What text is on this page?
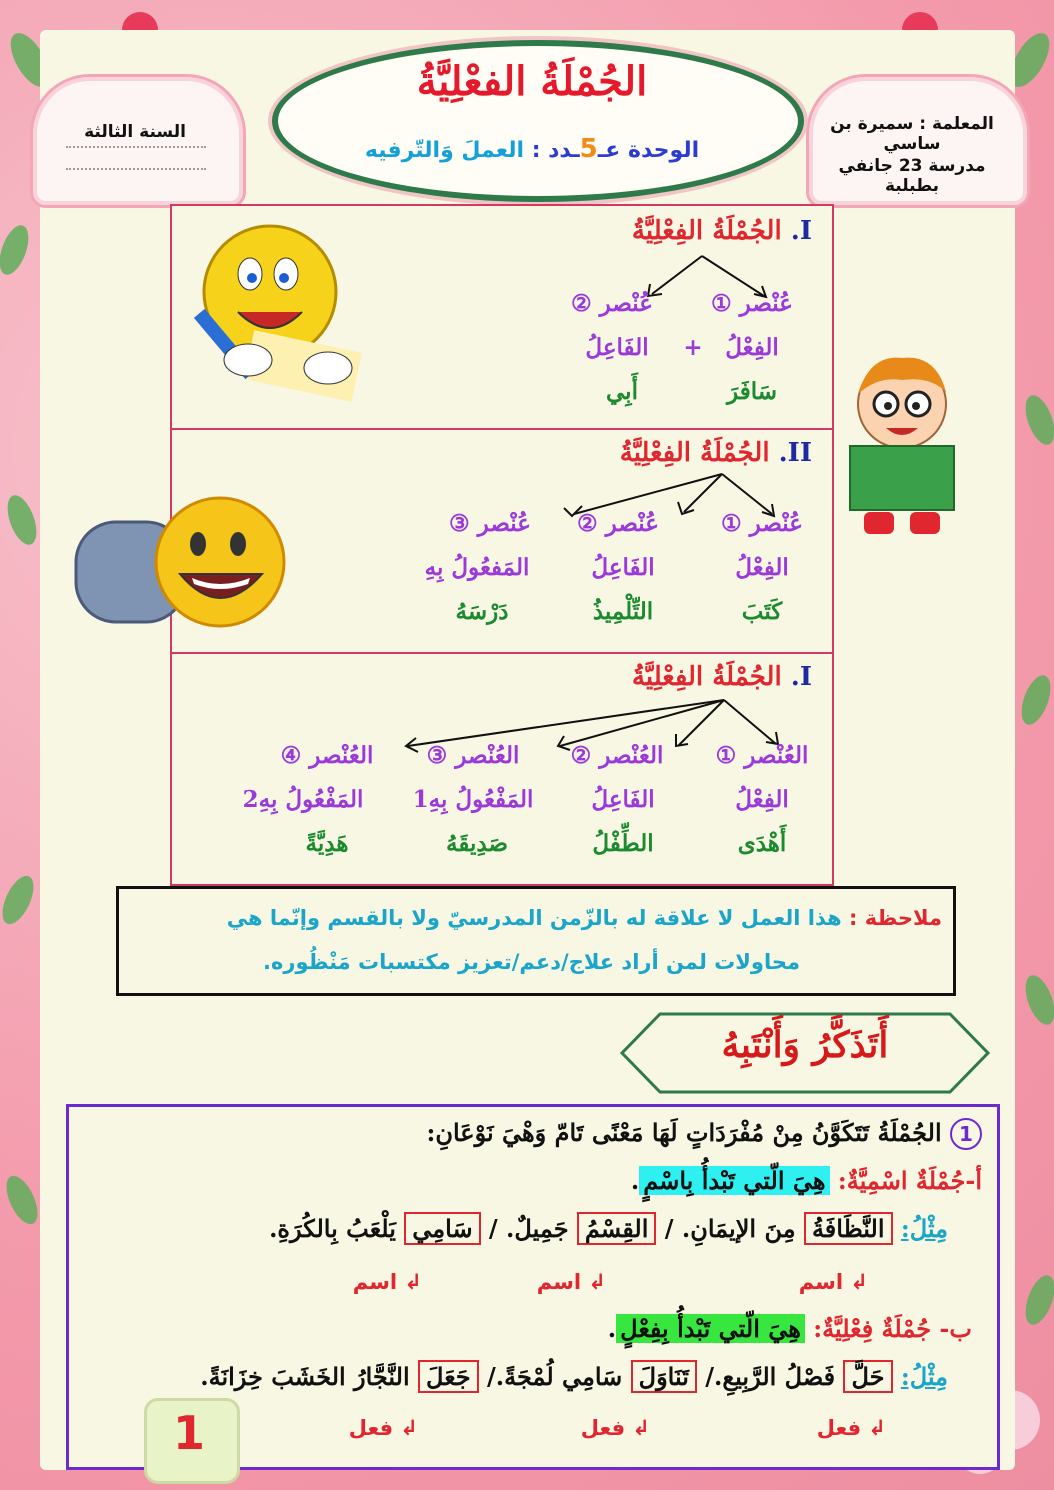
السنة الثالثة	المعلمة : سميرة بن ساسي
مدرسة 23 جانفي بطبلبة
الجُمْلَةُ الفعْلِيَّةُ
الوحدة عـ5ـدد : العملَ وَالتّرفيه
I. الجُمْلَةُ الفِعْلِيَّةُ
عُنْصر ①
عُنْصر ②
الفِعْلُ
+
الفَاعِلُ
سَافَرَ
أَبِي
II. الجُمْلَةُ الفِعْلِيَّةُ
عُنْصر ①
عُنْصر ②
عُنْصر ③
الفِعْلُ
الفَاعِلُ
المَفعُولُ بِهِ
كَتَبَ
التِّلْمِيذُ
دَرْسَهُ
I. الجُمْلَةُ الفِعْلِيَّةُ
العُنْصر ①
العُنْصر ②
العُنْصر ③
العُنْصر ④
الفِعْلُ
الفَاعِلُ
المَفْعُولُ بِهِ1
المَفْعُولُ بِهِ2
أَهْدَى
الطِّفْلُ
صَدِيقَهُ
هَدِيَّةً
ملاحظة : هذا العمل لا علاقة له بالزّمن المدرسيّ ولا بالقسم وإنّما هي
محاولات لمن أراد علاج/دعم/تعزيز مكتسبات مَنْظُوره.
أَتَذَكَّرُ وَأَنْتَبِهُ
1 الجُمْلَةُ تَتَكَوَّنُ مِنْ مُفْرَدَاتٍ لَهَا مَعْنًى تَامّ وَهْيَ نَوْعَانِ:
أ-جُمْلَةٌ اسْمِيَّةٌ: هِيَ الّتي تَبْدأُ بِاسْمٍ.
مِثْلُ: النَّظَافَةُ مِنَ الإيمَانِ. / القِسْمُ جَمِيلٌ. / سَامِي يَلْعَبُ بِالكُرَةِ.
↲ اسم
↲ اسم
↲ اسم
ب- جُمْلَةٌ فِعْلِيَّةٌ: هِيَ الّتي تَبْدأُ بِفِعْلٍ.
مِثْلُ: حَلَّ فَصْلُ الرَّبِيعِ./ تَنَاوَلَ سَامِي لُمْجَةً./ جَعَلَ النَّجَّارُ الخَشَبَ خِزَانَةً.
↲ فعل
↲ فعل
↲ فعل
1
